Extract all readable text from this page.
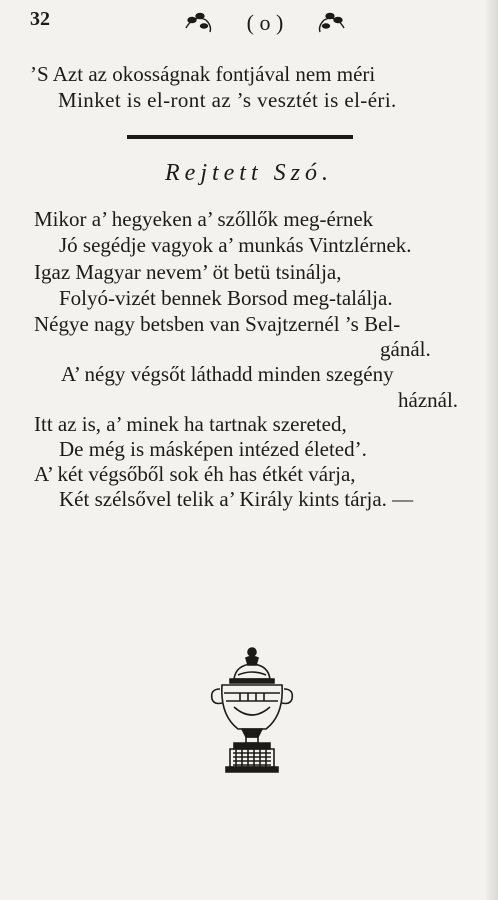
32	( o )
’S Azt az okosságnak fontjával nem méri
Minket is el-ront az ’s vesztét is el-éri.
Rejtett Szó.
Mikor a’ hegyeken a’ szőllők meg-érnek
Jó segédje vagyok a’ munkás Vintzlérnek.
Igaz Magyar nevem’ öt betü tsinálja,
Folyó-vizét bennek Borsod meg-találja.
Négye nagy betsben van Svajtzernél ’s Bel-
gánál.
A’ négy végsőt láthadd minden szegény
háznál.
Itt az is, a’ minek ha tartnak szereted,
De még is másképen intézed életed’.
A’ két végsőből sok éh has étkét várja,
Két szélsővel telik a’ Király kints tárja. —
